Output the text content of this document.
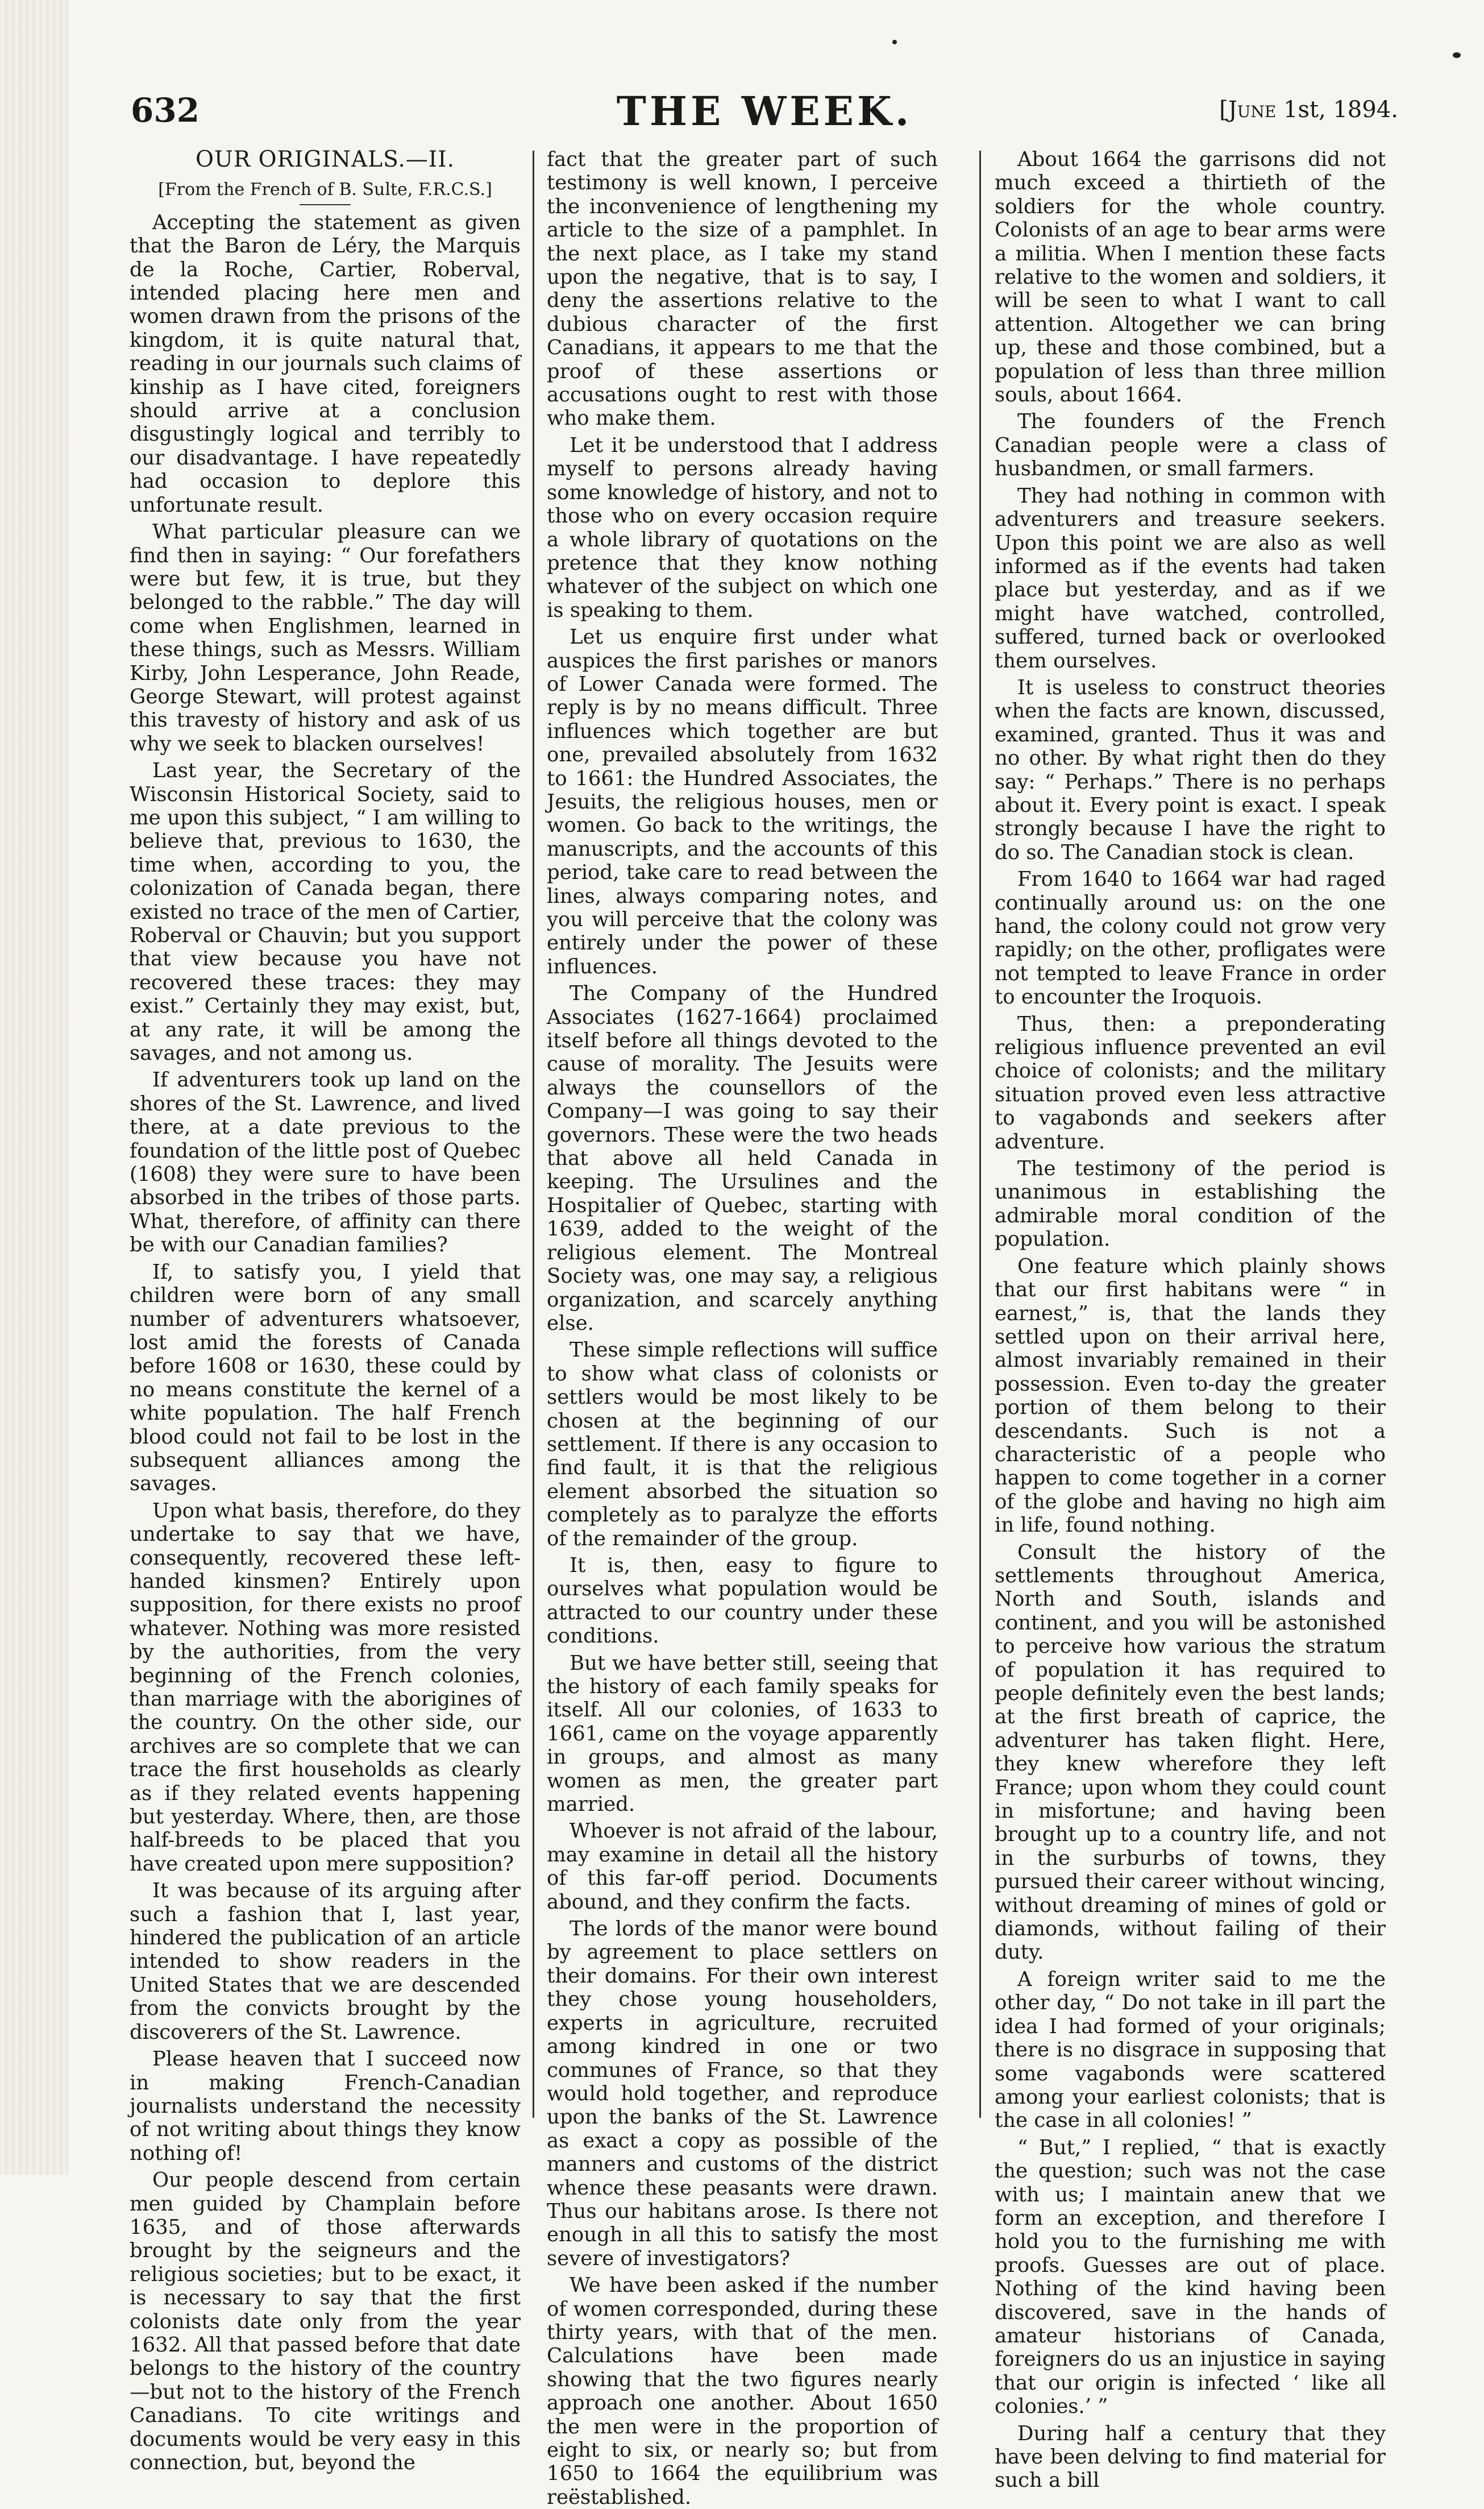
632	THE WEEK.	[June 1st, 1894.
OUR ORIGINALS.—II.
[From the French of B. Sulte, F.R.C.S.]

Accepting the statement as given that the Baron de Léry, the Marquis de la Roche, Cartier, Roberval, intended placing here men and women drawn from the prisons of the kingdom, it is quite natural that, reading in our journals such claims of kinship as I have cited, foreigners should arrive at a conclusion disgustingly logical and terribly to our disadvantage. I have repeatedly had occasion to deplore this unfortunate result.

What particular pleasure can we find then in saying: “ Our forefathers were but few, it is true, but they belonged to the rabble.” The day will come when Englishmen, learned in these things, such as Messrs. William Kirby, John Lesperance, John Reade, George Stewart, will protest against this travesty of history and ask of us why we seek to blacken ourselves!

Last year, the Secretary of the Wisconsin Historical Society, said to me upon this subject, “ I am willing to believe that, previous to 1630, the time when, according to you, the colonization of Canada began, there existed no trace of the men of Cartier, Roberval or Chauvin; but you support that view because you have not recovered these traces: they may exist.” Certainly they may exist, but, at any rate, it will be among the savages, and not among us.

If adventurers took up land on the shores of the St. Lawrence, and lived there, at a date previous to the foundation of the little post of Quebec (1608) they were sure to have been absorbed in the tribes of those parts. What, therefore, of affinity can there be with our Canadian families?

If, to satisfy you, I yield that children were born of any small number of adventurers whatsoever, lost amid the forests of Canada before 1608 or 1630, these could by no means constitute the kernel of a white population. The half French blood could not fail to be lost in the subsequent alliances among the savages.

Upon what basis, therefore, do they undertake to say that we have, consequently, recovered these left-handed kinsmen? Entirely upon supposition, for there exists no proof whatever. Nothing was more resisted by the authorities, from the very beginning of the French colonies, than marriage with the aborigines of the country. On the other side, our archives are so complete that we can trace the first households as clearly as if they related events happening but yesterday. Where, then, are those half-breeds to be placed that you have created upon mere supposition?

It was because of its arguing after such a fashion that I, last year, hindered the publication of an article intended to show readers in the United States that we are descended from the convicts brought by the discoverers of the St. Lawrence.

Please heaven that I succeed now in making French-Canadian journalists understand the necessity of not writing about things they know nothing of!

Our people descend from certain men guided by Champlain before 1635, and of those afterwards brought by the seigneurs and the religious societies; but to be exact, it is necessary to say that the first colonists date only from the year 1632. All that passed before that date belongs to the history of the country—but not to the history of the French Canadians. To cite writings and documents would be very easy in this connection, but, beyond the

fact that the greater part of such testimony is well known, I perceive the inconvenience of lengthening my article to the size of a pamphlet. In the next place, as I take my stand upon the negative, that is to say, I deny the assertions relative to the dubious character of the first Canadians, it appears to me that the proof of these assertions or accusations ought to rest with those who make them.

Let it be understood that I address myself to persons already having some knowledge of history, and not to those who on every occasion require a whole library of quotations on the pretence that they know nothing whatever of the subject on which one is speaking to them.

Let us enquire first under what auspices the first parishes or manors of Lower Canada were formed. The reply is by no means difficult. Three influences which together are but one, prevailed absolutely from 1632 to 1661: the Hundred Associates, the Jesuits, the religious houses, men or women. Go back to the writings, the manuscripts, and the accounts of this period, take care to read between the lines, always comparing notes, and you will perceive that the colony was entirely under the power of these influences.

The Company of the Hundred Associates (1627-1664) proclaimed itself before all things devoted to the cause of morality. The Jesuits were always the counsellors of the Company—I was going to say their governors. These were the two heads that above all held Canada in keeping. The Ursulines and the Hospitalier of Quebec, starting with 1639, added to the weight of the religious element. The Montreal Society was, one may say, a religious organization, and scarcely anything else.

These simple reflections will suffice to show what class of colonists or settlers would be most likely to be chosen at the beginning of our settlement. If there is any occasion to find fault, it is that the religious element absorbed the situation so completely as to paralyze the efforts of the remainder of the group.

It is, then, easy to figure to ourselves what population would be attracted to our country under these conditions.

But we have better still, seeing that the history of each family speaks for itself. All our colonies, of 1633 to 1661, came on the voyage apparently in groups, and almost as many women as men, the greater part married.

Whoever is not afraid of the labour, may examine in detail all the history of this far-off period. Documents abound, and they confirm the facts.

The lords of the manor were bound by agreement to place settlers on their domains. For their own interest they chose young householders, experts in agriculture, recruited among kindred in one or two communes of France, so that they would hold together, and reproduce upon the banks of the St. Lawrence as exact a copy as possible of the manners and customs of the district whence these peasants were drawn. Thus our habitans arose. Is there not enough in all this to satisfy the most severe of investigators?

We have been asked if the number of women corresponded, during these thirty years, with that of the men. Calculations have been made showing that the two figures nearly approach one another. About 1650 the men were in the proportion of eight to six, or nearly so; but from 1650 to 1664 the equilibrium was reëstablished.

About 1664 the garrisons did not much exceed a thirtieth of the soldiers for the whole country. Colonists of an age to bear arms were a militia. When I mention these facts relative to the women and soldiers, it will be seen to what I want to call attention. Altogether we can bring up, these and those combined, but a population of less than three million souls, about 1664.

The founders of the French Canadian people were a class of husbandmen, or small farmers.

They had nothing in common with adventurers and treasure seekers. Upon this point we are also as well informed as if the events had taken place but yesterday, and as if we might have watched, controlled, suffered, turned back or overlooked them ourselves.

It is useless to construct theories when the facts are known, discussed, examined, granted. Thus it was and no other. By what right then do they say: “ Perhaps.” There is no perhaps about it. Every point is exact. I speak strongly because I have the right to do so. The Canadian stock is clean.

From 1640 to 1664 war had raged continually around us: on the one hand, the colony could not grow very rapidly; on the other, profligates were not tempted to leave France in order to encounter the Iroquois.

Thus, then: a preponderating religious influence prevented an evil choice of colonists; and the military situation proved even less attractive to vagabonds and seekers after adventure.

The testimony of the period is unanimous in establishing the admirable moral condition of the population.

One feature which plainly shows that our first habitans were “ in earnest,” is, that the lands they settled upon on their arrival here, almost invariably remained in their possession. Even to-day the greater portion of them belong to their descendants. Such is not a characteristic of a people who happen to come together in a corner of the globe and having no high aim in life, found nothing.

Consult the history of the settlements throughout America, North and South, islands and continent, and you will be astonished to perceive how various the stratum of population it has required to people definitely even the best lands; at the first breath of caprice, the adventurer has taken flight. Here, they knew wherefore they left France; upon whom they could count in misfortune; and having been brought up to a country life, and not in the surburbs of towns, they pursued their career without wincing, without dreaming of mines of gold or diamonds, without failing of their duty.

A foreign writer said to me the other day, “ Do not take in ill part the idea I had formed of your originals; there is no disgrace in supposing that some vagabonds were scattered among your earliest colonists; that is the case in all colonies! ”

“ But,” I replied, “ that is exactly the question; such was not the case with us; I maintain anew that we form an exception, and therefore I hold you to the furnishing me with proofs. Guesses are out of place. Nothing of the kind having been discovered, save in the hands of amateur historians of Canada, foreigners do us an injustice in saying that our origin is infected ‘ like all colonies.’ ”

During half a century that they have been delving to find material for such a bill
